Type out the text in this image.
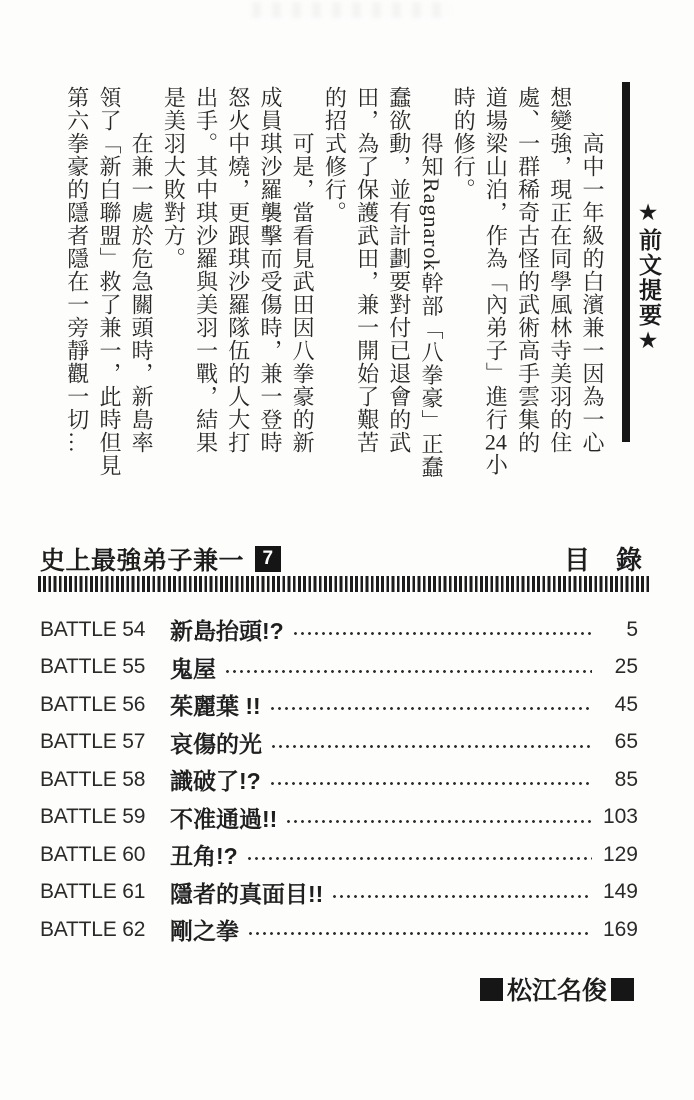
★前文提要★

　　高中一年級的白濱兼一因為一心

想變強，現正在同學風林寺美羽的住

處、一群稀奇古怪的武術高手雲集的

道場梁山泊，作為「內弟子」進行24小

時的修行。

　　得知Ragnarok幹部「八拳豪」正蠢

蠢欲動，並有計劃要對付已退會的武

田，為了保護武田，兼一開始了艱苦

的招式修行。

　　可是，當看見武田因八拳豪的新

成員琪沙羅襲擊而受傷時，兼一登時

怒火中燒，更跟琪沙羅隊伍的人大打

出手。其中琪沙羅與美羽一戰，結果

是美羽大敗對方。

　　在兼一處於危急關頭時，新島率

領了「新白聯盟」救了兼一，此時但見

第六拳豪的隱者隱在一旁靜觀一切…

史上最強弟子兼一 7	目　錄
BATTLE 54	新島抬頭!?	5
BATTLE 55	鬼屋	25
BATTLE 56	茱麗葉 !!	45
BATTLE 57	哀傷的光	65
BATTLE 58	識破了!?	85
BATTLE 59	不准通過!!	103
BATTLE 60	丑角!?	129
BATTLE 61	隱者的真面目!!	149
BATTLE 62	剛之拳	169
松江名俊
